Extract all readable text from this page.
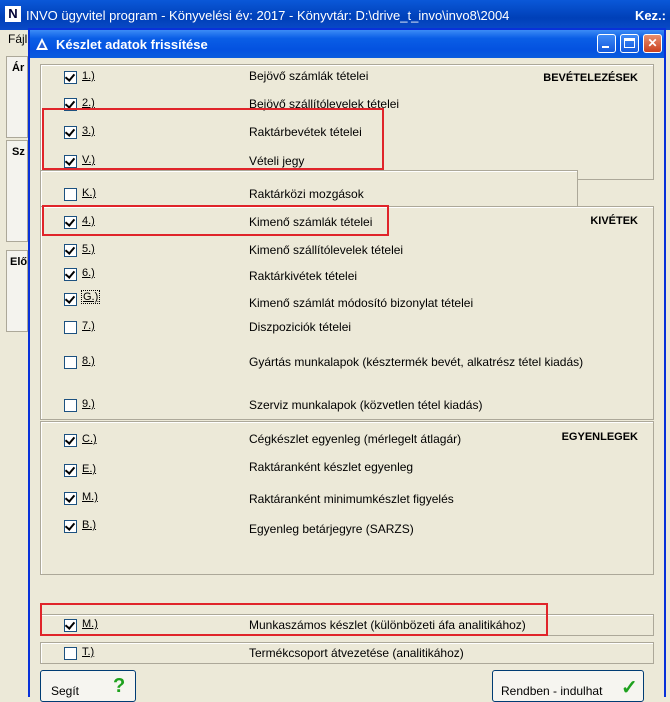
N INVO ügyvitel program - Könyvelési év: 2017 - Könyvtár: D:\drive_t_invo\invo8\2004	Kez.:
Fájl
Ár
Sz
Elő
Készlet adatok frissítése	✕
BEVÉTELEZÉSEK
1.)	Bejövő számlák tételei
2.)	Bejövő szállítólevelek tételei
3.)	Raktárbevétek tételei
V.)	Vételi jegy
K.)	Raktárközi mozgások
KIVÉTEK
4.)	Kimenő számlák tételei
5.)	Kimenő szállítólevelek tételei
6.)	Raktárkivétek tételei
G.)	Kimenő számlát módosító bizonylat tételei
7.)	Diszpoziciók tételei
8.)	Gyártás munkalapok (késztermék bevét, alkatrész tétel kiadás)
9.)	Szerviz munkalapok (közvetlen tétel kiadás)
EGYENLEGEK
C.)	Cégkészlet egyenleg (mérlegelt átlagár)
E.)	Raktáranként készlet egyenleg
M.)	Raktáranként minimumkészlet figyelés
B.)	Egyenleg betárjegyre (SARZS)
M.)	Munkaszámos készlet (különbözeti áfa analitikához)
T.)	Termékcsoport átvezetése (analitikához)
Segít ?	Rendben - indulhat ✓
